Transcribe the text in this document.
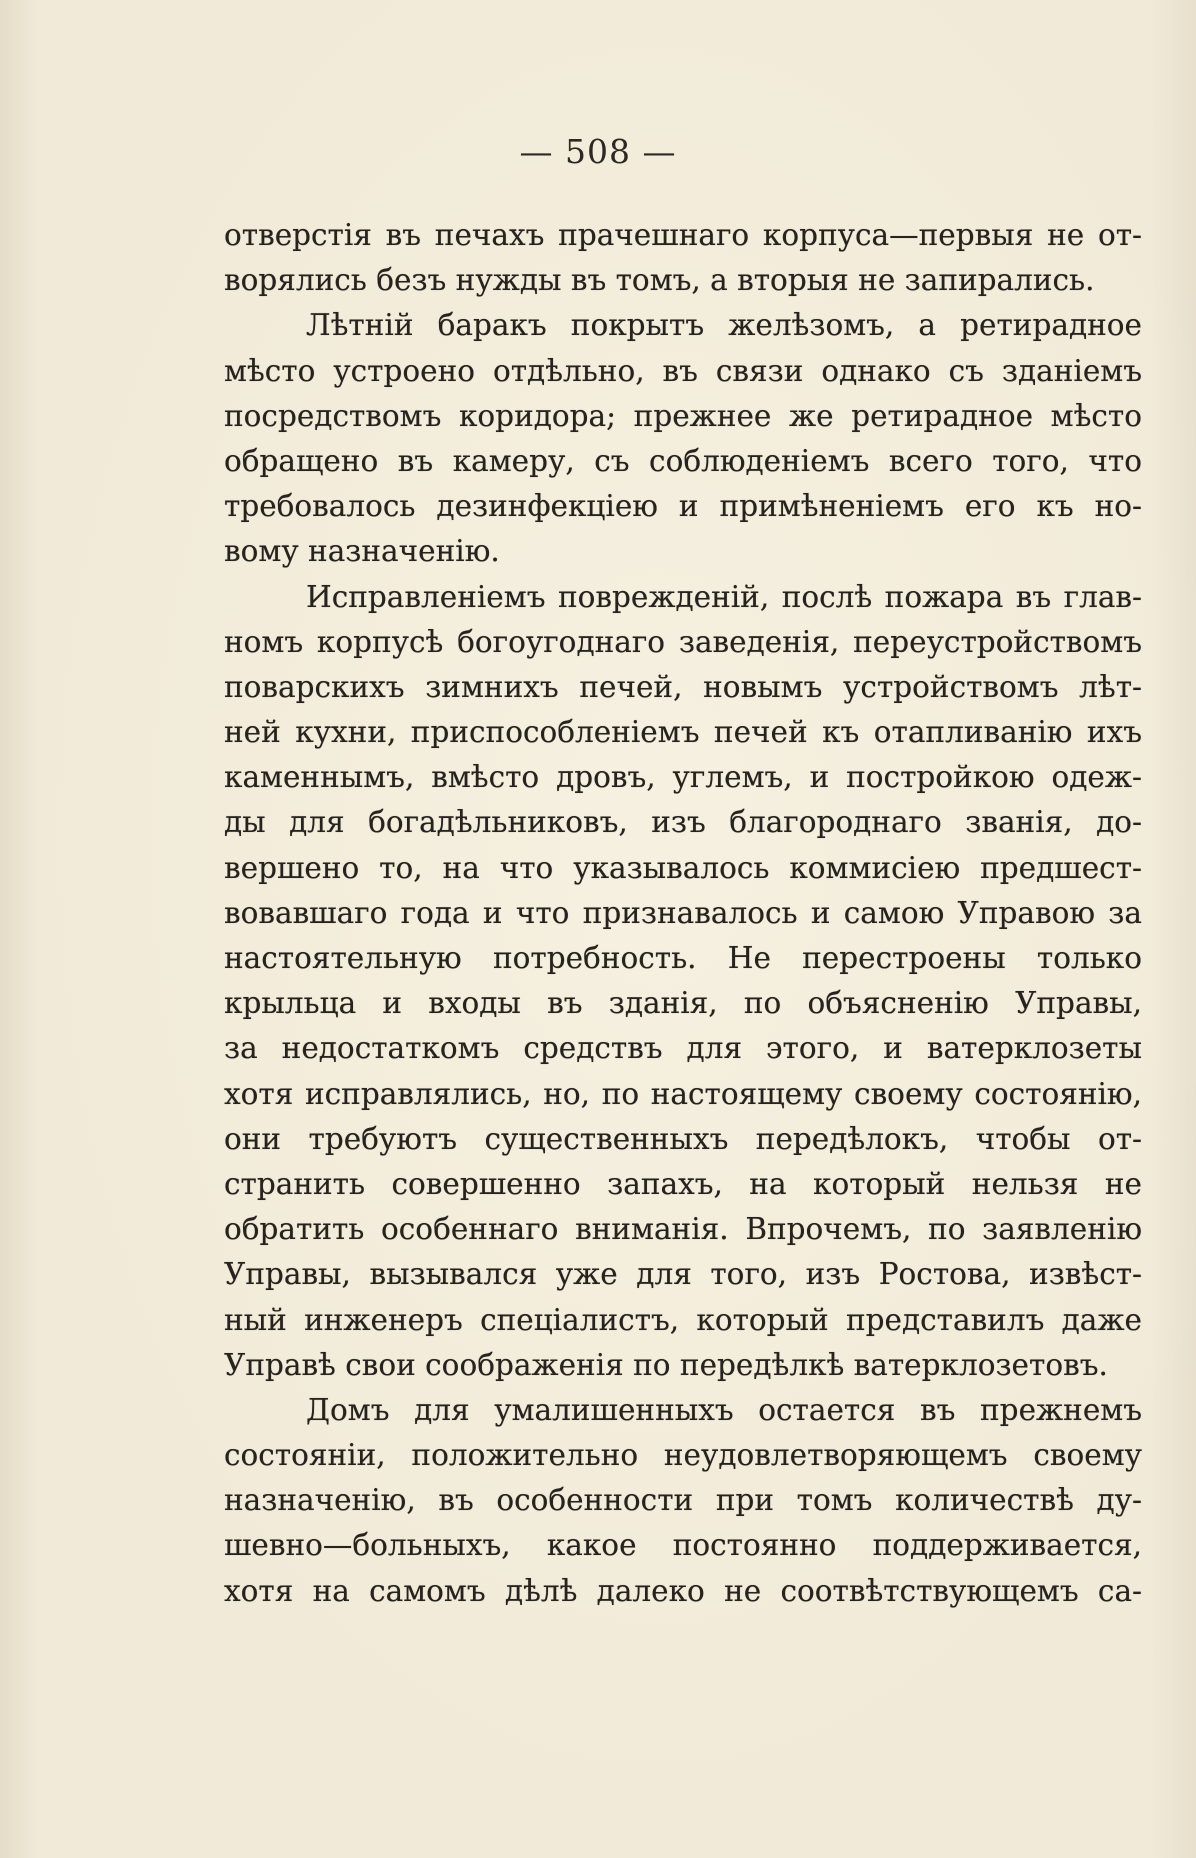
— 508 —
отверстія въ печахъ прачешнаго корпуса—первыя не от-
ворялись безъ нужды въ томъ, а вторыя не запирались.
Лѣтній баракъ покрытъ желѣзомъ, а ретирадное
мѣсто устроено отдѣльно, въ связи однако съ зданіемъ
посредствомъ коридора; прежнее же ретирадное мѣсто
обращено въ камеру, съ соблюденіемъ всего того, что
требовалось дезинфекціею и примѣненіемъ его къ но-
вому назначенію.
Исправленіемъ поврежденій, послѣ пожара въ глав-
номъ корпусѣ богоугоднаго заведенія, переустройствомъ
поварскихъ зимнихъ печей, новымъ устройствомъ лѣт-
ней кухни, приспособленіемъ печей къ отапливанію ихъ
каменнымъ, вмѣсто дровъ, углемъ, и постройкою одеж-
ды для богадѣльниковъ, изъ благороднаго званія, до-
вершено то, на что указывалось коммисіею предшест-
вовавшаго года и что признавалось и самою Управою за
настоятельную потребность. Не перестроены только
крыльца и входы въ зданія, по объясненію Управы,
за недостаткомъ средствъ для этого, и ватерклозеты
хотя исправлялись, но, по настоящему своему состоянію,
они требуютъ существенныхъ передѣлокъ, чтобы от-
странить совершенно запахъ, на который нельзя не
обратить особеннаго вниманія. Впрочемъ, по заявленію
Управы, вызывался уже для того, изъ Ростова, извѣст-
ный инженеръ спеціалистъ, который представилъ даже
Управѣ свои соображенія по передѣлкѣ ватерклозетовъ.
Домъ для умалишенныхъ остается въ прежнемъ
состояніи, положительно неудовлетворяющемъ своему
назначенію, въ особенности при томъ количествѣ ду-
шевно—больныхъ, какое постоянно поддерживается,
хотя на самомъ дѣлѣ далеко не соотвѣтствующемъ са-
